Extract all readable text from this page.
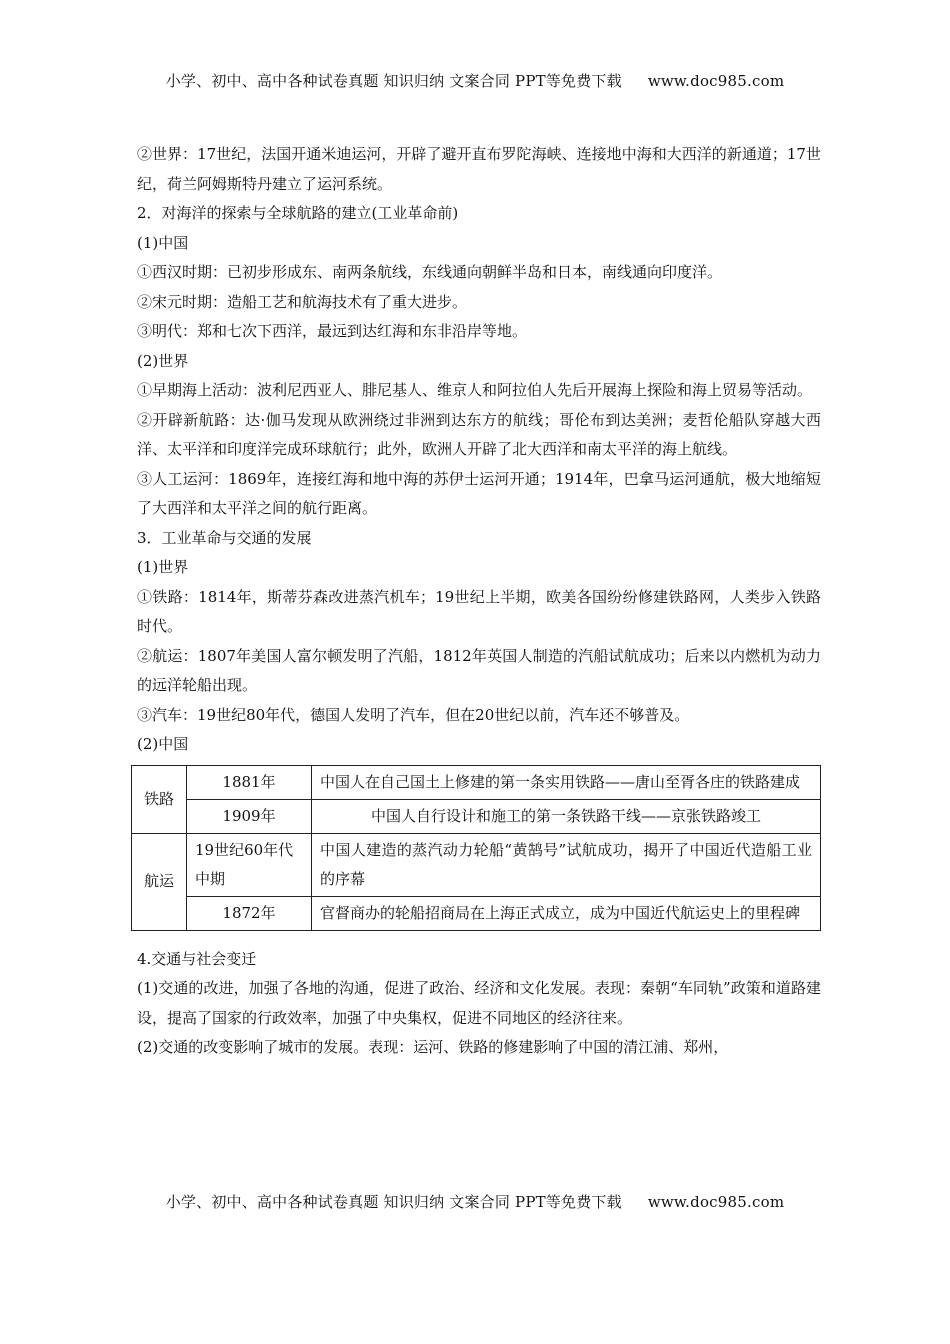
小学、初中、高中各种试卷真题 知识归纳 文案合同 PPT等免费下载 www.doc985.com

②世界：17世纪，法国开通米迪运河，开辟了避开直布罗陀海峡、连接地中海和大西洋的新通道；17世纪，荷兰阿姆斯特丹建立了运河系统。

2．对海洋的探索与全球航路的建立(工业革命前)

(1)中国

①西汉时期：已初步形成东、南两条航线，东线通向朝鲜半岛和日本，南线通向印度洋。

②宋元时期：造船工艺和航海技术有了重大进步。

③明代：郑和七次下西洋，最远到达红海和东非沿岸等地。

(2)世界

①早期海上活动：波利尼西亚人、腓尼基人、维京人和阿拉伯人先后开展海上探险和海上贸易等活动。

②开辟新航路：达·伽马发现从欧洲绕过非洲到达东方的航线；哥伦布到达美洲；麦哲伦船队穿越大西洋、太平洋和印度洋完成环球航行；此外，欧洲人开辟了北大西洋和南太平洋的海上航线。

③人工运河：1869年，连接红海和地中海的苏伊士运河开通；1914年，巴拿马运河通航，极大地缩短了大西洋和太平洋之间的航行距离。

3．工业革命与交通的发展

(1)世界

①铁路：1814年，斯蒂芬森改进蒸汽机车；19世纪上半期，欧美各国纷纷修建铁路网，人类步入铁路时代。

②航运：1807年美国人富尔顿发明了汽船，1812年英国人制造的汽船试航成功；后来以内燃机为动力的远洋轮船出现。

③汽车：19世纪80年代，德国人发明了汽车，但在20世纪以前，汽车还不够普及。

(2)中国

铁路	1881年	中国人在自己国土上修建的第一条实用铁路——唐山至胥各庄的铁路建成
	1909年	中国人自行设计和施工的第一条铁路干线——京张铁路竣工
航运	19世纪60年代中期	中国人建造的蒸汽动力轮船“黄鹄号”试航成功，揭开了中国近代造船工业的序幕
	1872年	官督商办的轮船招商局在上海正式成立，成为中国近代航运史上的里程碑

4.交通与社会变迁

(1)交通的改进，加强了各地的沟通，促进了政治、经济和文化发展。表现：秦朝“车同轨”政策和道路建设，提高了国家的行政效率，加强了中央集权，促进不同地区的经济往来。

(2)交通的改变影响了城市的发展。表现：运河、铁路的修建影响了中国的清江浦、郑州，

小学、初中、高中各种试卷真题 知识归纳 文案合同 PPT等免费下载 www.doc985.com
